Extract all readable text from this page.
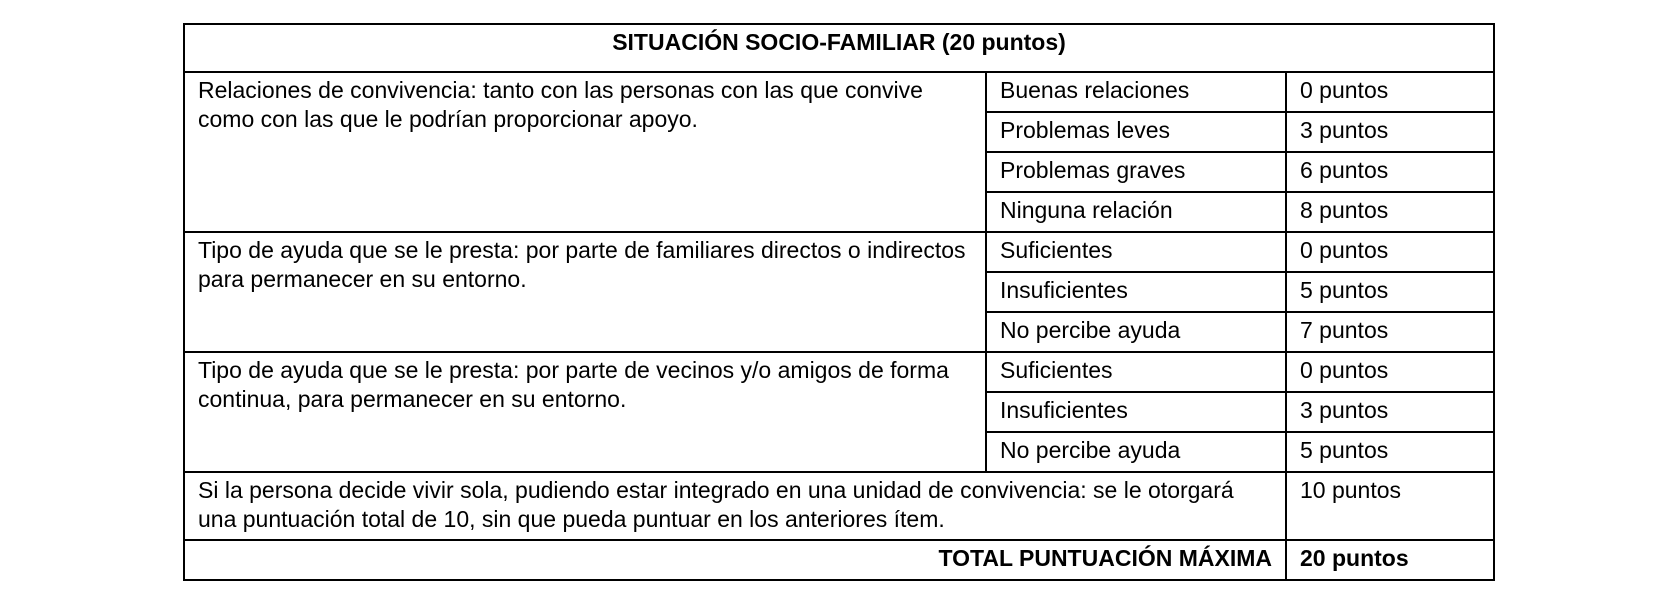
SITUACIÓN SOCIO-FAMILIAR (20 puntos)		
Relaciones de convivencia: tanto con las personas con las que convive como con las que le podrían proporcionar apoyo.	Buenas relaciones	0 puntos
	Problemas leves	3 puntos
	Problemas graves	6 puntos
	Ninguna relación	8 puntos
Tipo de ayuda que se le presta: por parte de familiares directos o indirectos para permanecer en su entorno.	Suficientes	0 puntos
	Insuficientes	5 puntos
	No percibe ayuda	7 puntos
Tipo de ayuda que se le presta: por parte de vecinos y/o amigos de forma continua, para permanecer en su entorno.	Suficientes	0 puntos
	Insuficientes	3 puntos
	No percibe ayuda	5 puntos
Si la persona decide vivir sola, pudiendo estar integrado en una unidad de convivencia: se le otorgará una puntuación total de 10, sin que pueda puntuar en los anteriores ítem.		10 puntos
TOTAL PUNTUACIÓN MÁXIMA		20 puntos
